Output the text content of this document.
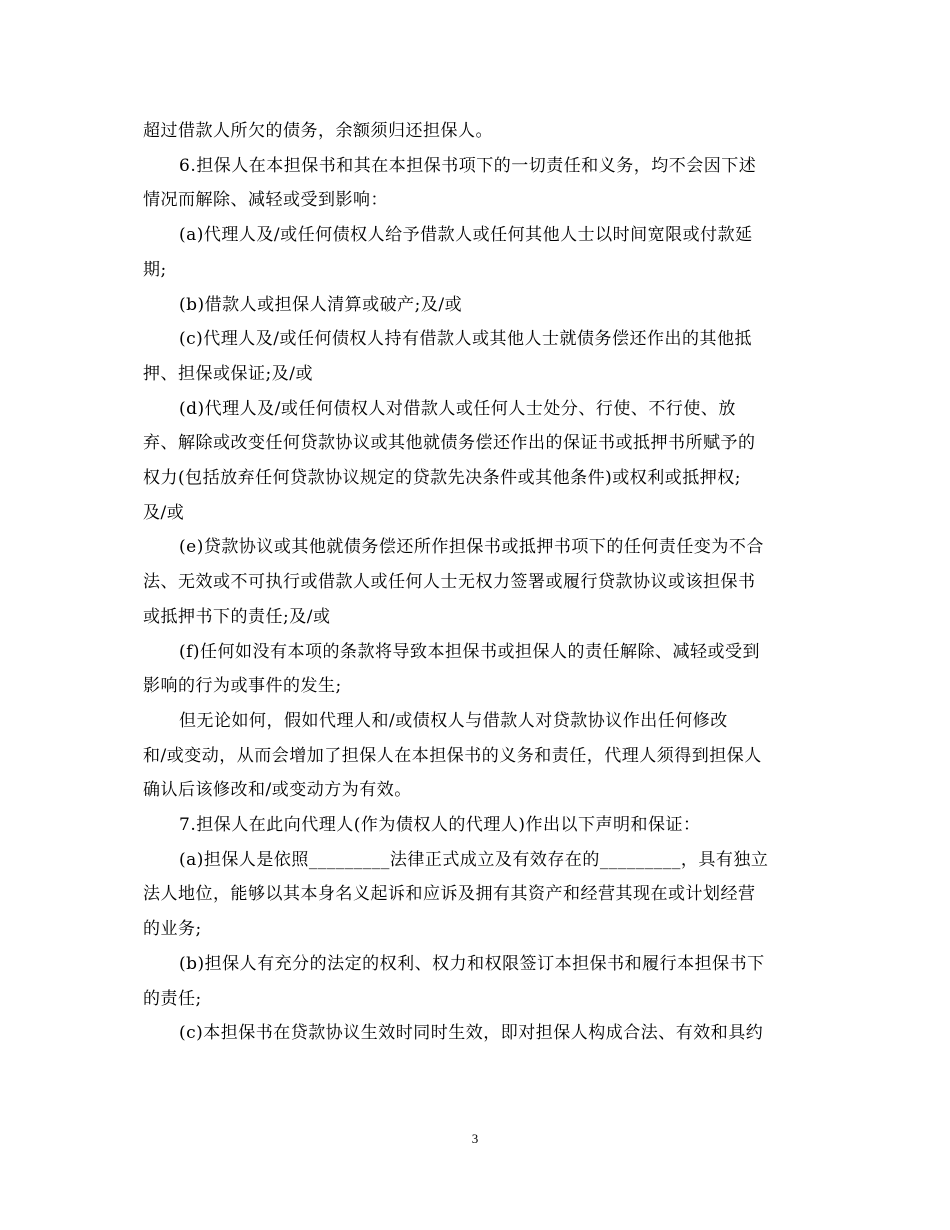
超过借款人所欠的债务，余额须归还担保人。

6.担保人在本担保书和其在本担保书项下的一切责任和义务，均不会因下述

情况而解除、减轻或受到影响：

(a)代理人及/或任何债权人给予借款人或任何其他人士以时间宽限或付款延

期;

(b)借款人或担保人清算或破产;及/或

(c)代理人及/或任何债权人持有借款人或其他人士就债务偿还作出的其他抵

押、担保或保证;及/或

(d)代理人及/或任何债权人对借款人或任何人士处分、行使、不行使、放

弃、解除或改变任何贷款协议或其他就债务偿还作出的保证书或抵押书所赋予的

权力(包括放弃任何贷款协议规定的贷款先决条件或其他条件)或权利或抵押权;

及/或

(e)贷款协议或其他就债务偿还所作担保书或抵押书项下的任何责任变为不合

法、无效或不可执行或借款人或任何人士无权力签署或履行贷款协议或该担保书

或抵押书下的责任;及/或

(f)任何如没有本项的条款将导致本担保书或担保人的责任解除、减轻或受到

影响的行为或事件的发生;

但无论如何，假如代理人和/或债权人与借款人对贷款协议作出任何修改

和/或变动，从而会增加了担保人在本担保书的义务和责任，代理人须得到担保人

确认后该修改和/或变动方为有效。

7.担保人在此向代理人(作为债权人的代理人)作出以下声明和保证：

(a)担保人是依照_________法律正式成立及有效存在的_________，具有独立

法人地位，能够以其本身名义起诉和应诉及拥有其资产和经营其现在或计划经营

的业务;

(b)担保人有充分的法定的权利、权力和权限签订本担保书和履行本担保书下

的责任;

(c)本担保书在贷款协议生效时同时生效，即对担保人构成合法、有效和具约

3
